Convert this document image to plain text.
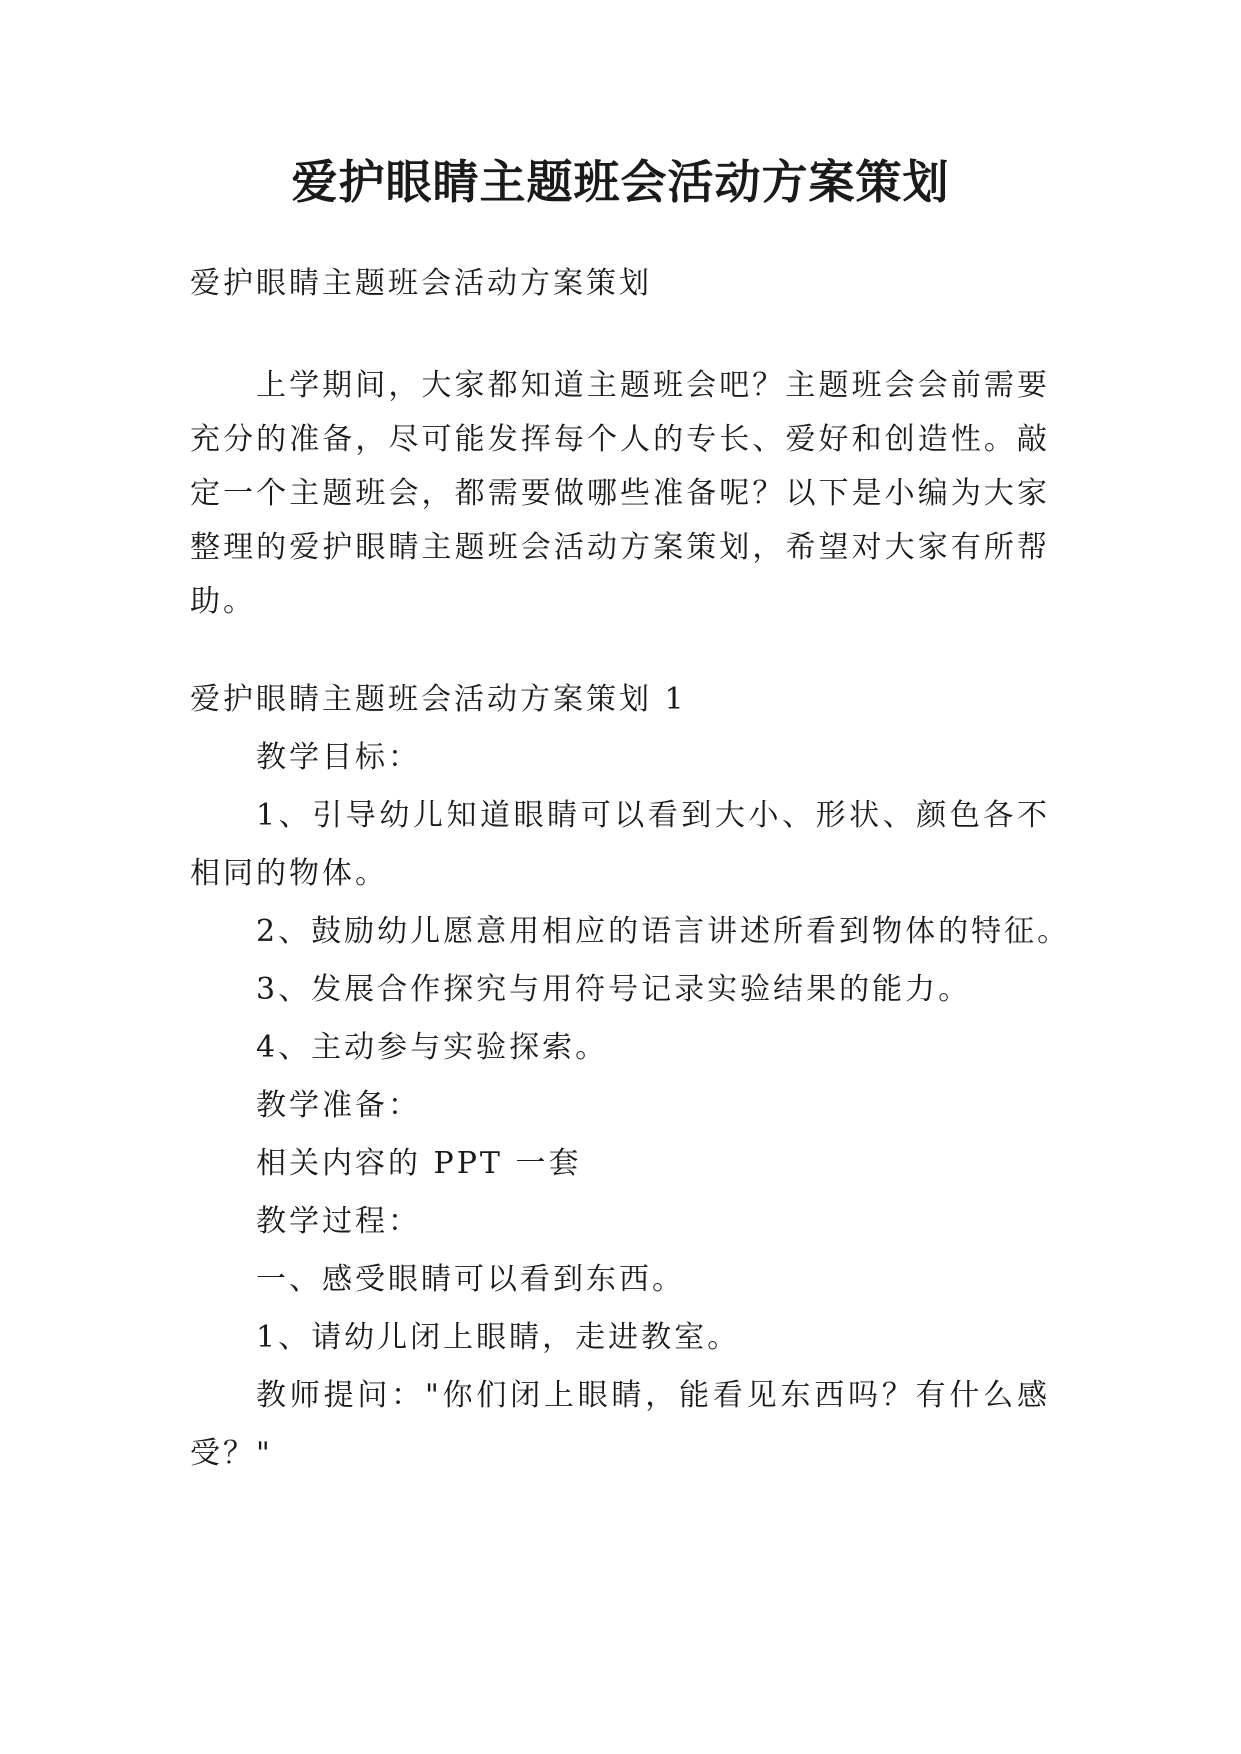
爱护眼睛主题班会活动方案策划
爱护眼睛主题班会活动方案策划
上学期间，大家都知道主题班会吧？主题班会会前需要
充分的准备，尽可能发挥每个人的专长、爱好和创造性。敲
定一个主题班会，都需要做哪些准备呢？以下是小编为大家
整理的爱护眼睛主题班会活动方案策划，希望对大家有所帮
助。
爱护眼睛主题班会活动方案策划 1
教学目标：
1、引导幼儿知道眼睛可以看到大小、形状、颜色各不
相同的物体。
2、鼓励幼儿愿意用相应的语言讲述所看到物体的特征。
3、发展合作探究与用符号记录实验结果的能力。
4、主动参与实验探索。
教学准备：
相关内容的 PPT 一套
教学过程：
一、感受眼睛可以看到东西。
1、请幼儿闭上眼睛，走进教室。
教师提问："你们闭上眼睛，能看见东西吗？有什么感
受？"
